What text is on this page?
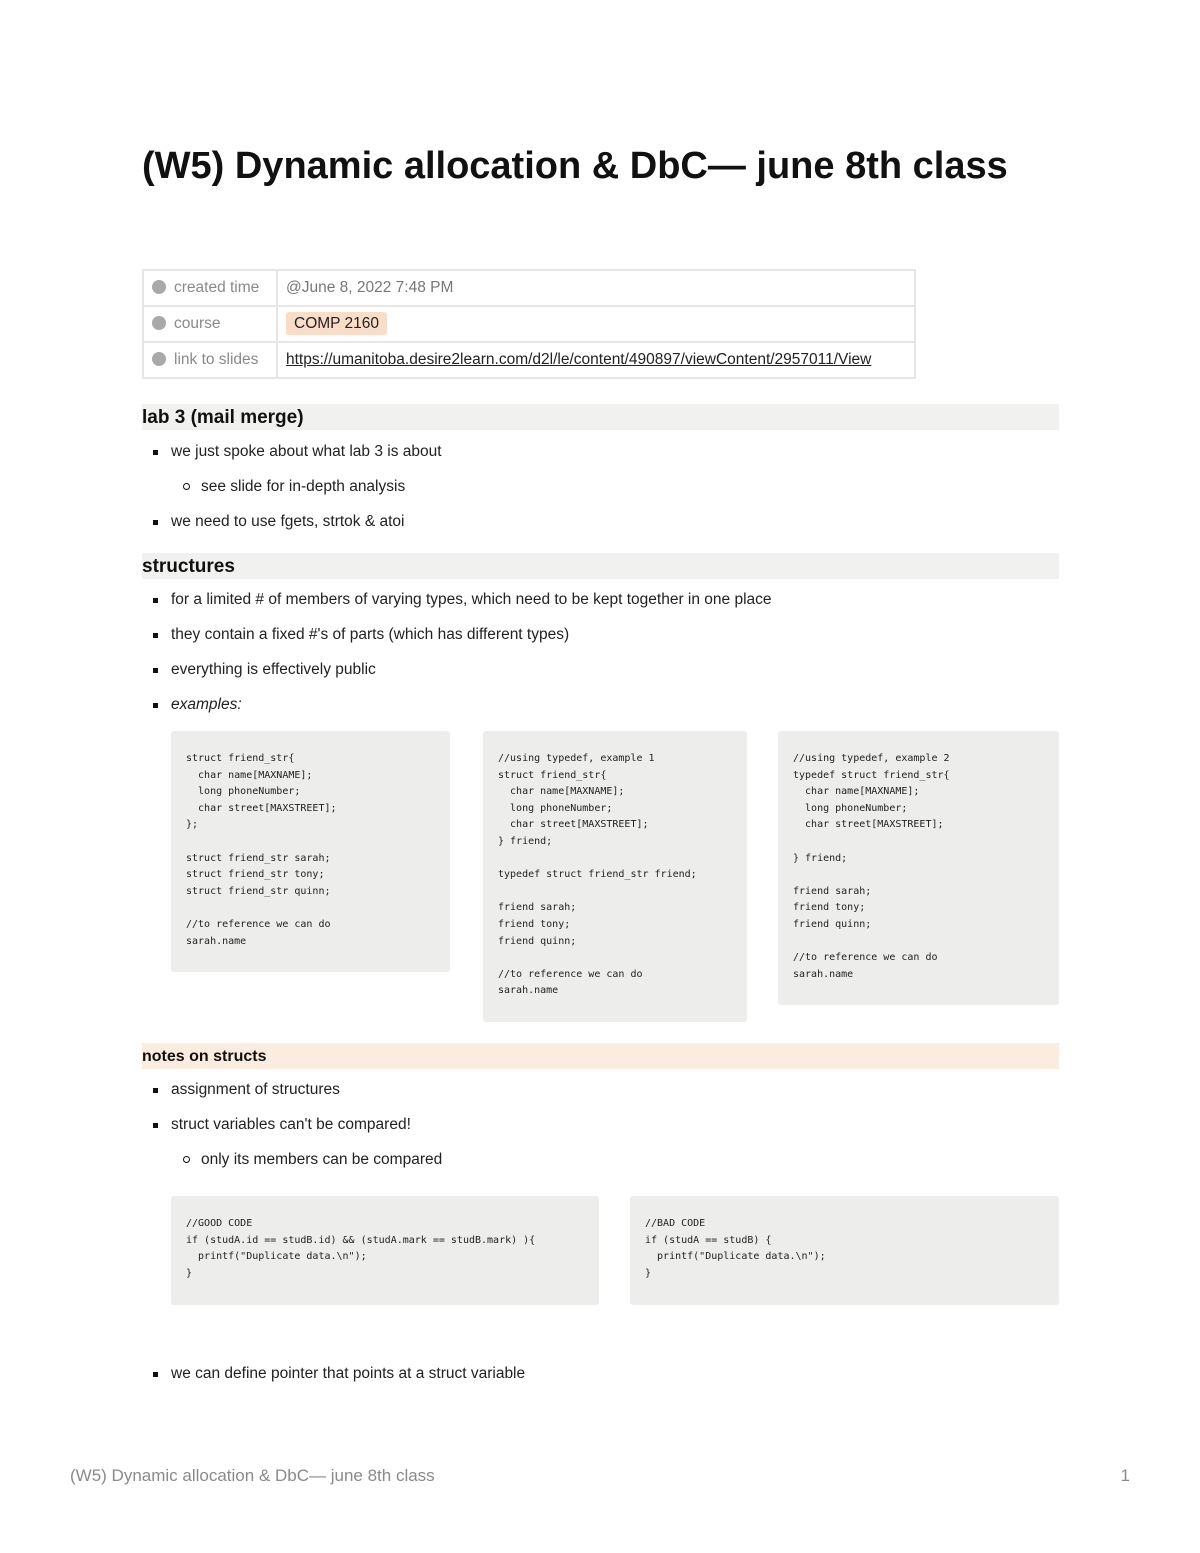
(W5) Dynamic allocation & DbC— june 8th class
created time	@June 8, 2022 7:48 PM
course	COMP 2160
link to slides	https://umanitoba.desire2learn.com/d2l/le/content/490897/viewContent/2957011/View
lab 3 (mail merge)
we just spoke about what lab 3 is about
see slide for in-depth analysis
we need to use fgets, strtok & atoi
structures
for a limited # of members of varying types, which need to be kept together in one place
they contain a fixed #'s of parts (which has different types)
everything is effectively public
examples:
struct friend_str{
char name[MAXNAME];
long phoneNumber;
char street[MAXSTREET];
};

struct friend_str sarah;
struct friend_str tony;
struct friend_str quinn;

//to reference we can do
sarah.name
//using typedef, example 1
struct friend_str{
char name[MAXNAME];
long phoneNumber;
char street[MAXSTREET];
} friend;

typedef struct friend_str friend;

friend sarah;
friend tony;
friend quinn;

//to reference we can do
sarah.name
//using typedef, example 2
typedef struct friend_str{
char name[MAXNAME];
long phoneNumber;
char street[MAXSTREET];

} friend;

friend sarah;
friend tony;
friend quinn;

//to reference we can do
sarah.name
notes on structs
assignment of structures
struct variables can't be compared!
only its members can be compared
//GOOD CODE
if (studA.id == studB.id) && (studA.mark == studB.mark) ){
printf("Duplicate data.\n");
}
//BAD CODE
if (studA == studB) {
printf("Duplicate data.\n");
}
we can define pointer that points at a struct variable
(W5) Dynamic allocation & DbC— june 8th class	1
